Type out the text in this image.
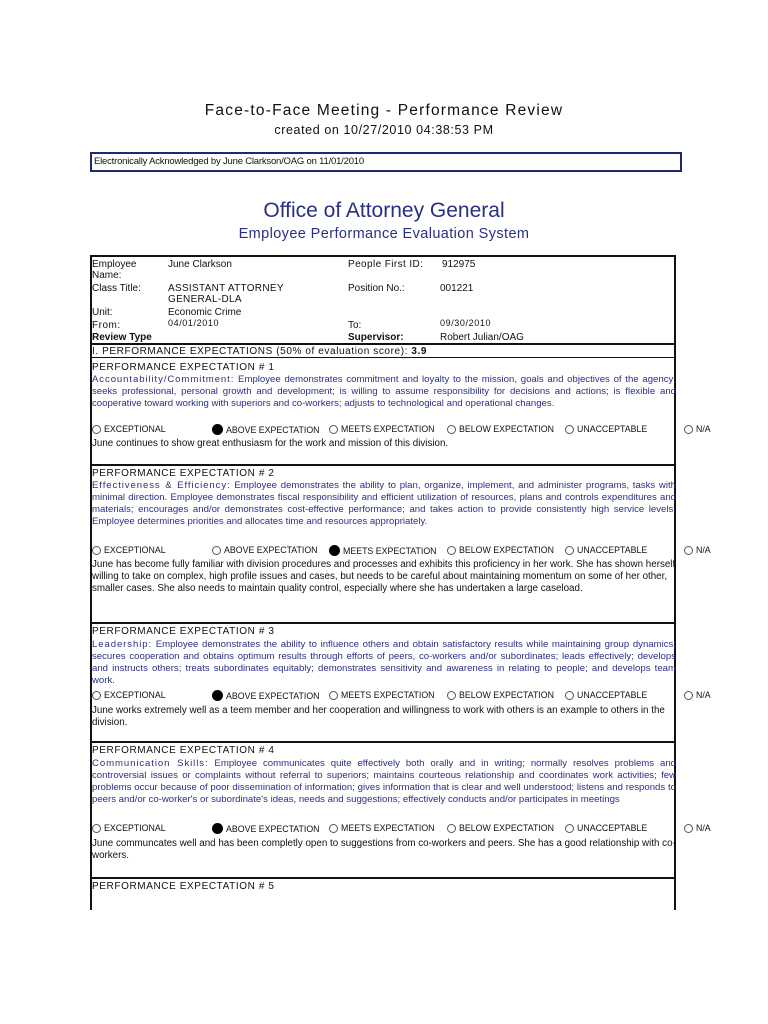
Face-to-Face Meeting - Performance Review
created on 10/27/2010 04:38:53 PM
Electronically Acknowledged by June Clarkson/OAG on 11/01/2010
Office of Attorney General
Employee Performance Evaluation System
Employee Name:
June Clarkson	People First ID: 912975
Class Title:	ASSISTANT ATTORNEY GENERAL-DLA
Position No.:	001221
Unit:	Economic Crime
From:	04/01/2010	To:	09/30/2010
Review Type	Supervisor:	Robert Julian/OAG
I. PERFORMANCE EXPECTATIONS (50% of evaluation score): 3.9
PERFORMANCE EXPECTATION # 1
Accountability/Commitment: Employee demonstrates commitment and loyalty to the mission, goals and objectives of the agency; seeks professional, personal growth and development; is willing to assume responsibility for decisions and actions; is flexible and cooperative toward working with superiors and co-workers; adjusts to technological and operational changes.
EXCEPTIONAL	ABOVE EXPECTATION MEETS EXPECTATION	BELOW EXPECTATION	UNACCEPTABLE	N/A
June continues to show great enthusiasm for the work and mission of this division.
PERFORMANCE EXPECTATION # 2
Effectiveness & Efficiency: Employee demonstrates the ability to plan, organize, implement, and administer programs, tasks with minimal direction. Employee demonstrates fiscal responsibility and efficient utilization of resources, plans and controls expenditures and materials; encourages and/or demonstrates cost-effective performance; and takes action to provide consistently high service levels. Employee determines priorities and allocates time and resources appropriately.
EXCEPTIONAL	ABOVE EXPECTATION	MEETS EXPECTATION	BELOW EXPECTATION	UNACCEPTABLE	N/A
June has become fully familiar with division procedures and processes and exhibits this proficiency in her work. She has shown herself willing to take on complex, high profile issues and cases, but needs to be careful about maintaining momentum on some of her other, smaller cases. She also needs to maintain quality control, especially where she has undertaken a large caseload.
PERFORMANCE EXPECTATION # 3
Leadership: Employee demonstrates the ability to influence others and obtain satisfactory results while maintaining group dynamics; secures cooperation and obtains optimum results through efforts of peers, co-workers and/or subordinates; leads effectively; develops and instructs others; treats subordinates equitably; demonstrates sensitivity and awareness in relating to people; and develops team work.
EXCEPTIONAL	ABOVE EXPECTATION MEETS EXPECTATION	BELOW EXPECTATION	UNACCEPTABLE	N/A
June works extremely well as a teem member and her cooperation and willingness to work with others is an example to others in the division.
PERFORMANCE EXPECTATION # 4
Communication Skills: Employee communicates quite effectively both orally and in writing; normally resolves problems and controversial issues or complaints without referral to superiors; maintains courteous relationship and coordinates work activities; few problems occur because of poor dissemination of information; gives information that is clear and well understood; listens and responds to peers and/or co-worker's or subordinate's ideas, needs and suggestions; effectively conducts and/or participates in meetings
EXCEPTIONAL	ABOVE EXPECTATION MEETS EXPECTATION	BELOW EXPECTATION	UNACCEPTABLE	N/A
June communcates well and has been completly open to suggestions from co-workers and peers. She has a good relationship with co-workers.
PERFORMANCE EXPECTATION # 5
